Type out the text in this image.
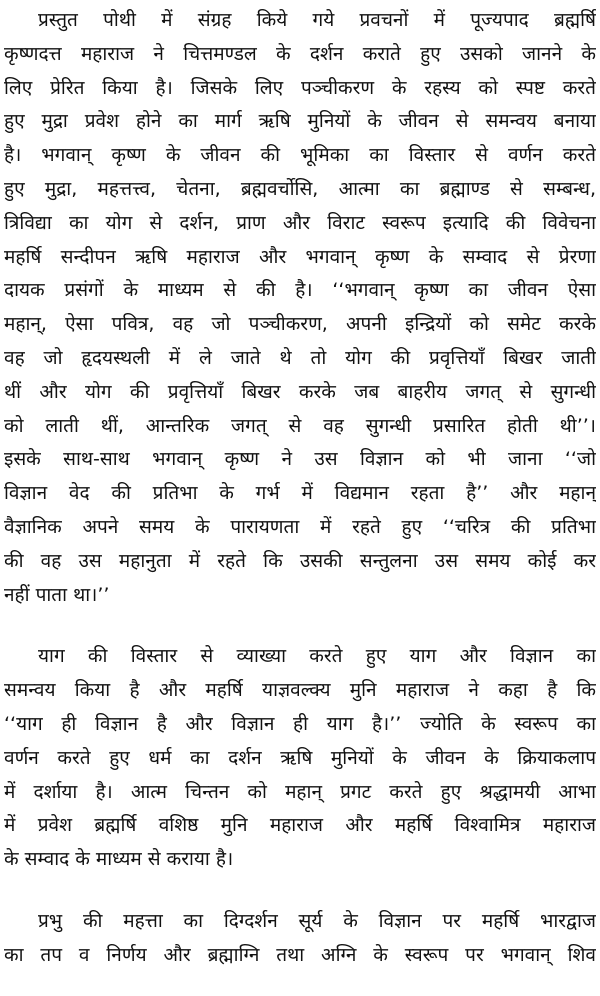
प्रस्तुत पोथी में संग्रह किये गये प्रवचनों में पूज्यपाद ब्रह्मर्षि
कृष्णदत्त महाराज ने चित्तमण्डल के दर्शन कराते हुए उसको जानने के
लिए प्रेरित किया है। जिसके लिए पञ्चीकरण के रहस्य को स्पष्ट करते
हुए मुद्रा प्रवेश होने का मार्ग ऋषि मुनियों के जीवन से समन्वय बनाया
है। भगवान् कृष्ण के जीवन की भूमिका का विस्तार से वर्णन करते
हुए मुद्रा, महत्तत्त्व, चेतना, ब्रह्मवर्चोसि, आत्मा का ब्रह्माण्ड से सम्बन्ध,
त्रिविद्या का योग से दर्शन, प्राण और विराट स्वरूप इत्यादि की विवेचना
महर्षि सन्दीपन ऋषि महाराज और भगवान् कृष्ण के सम्वाद से प्रेरणा
दायक प्रसंगों के माध्यम से की है। ‘‘भगवान् कृष्ण का जीवन ऐसा
महान्, ऐसा पवित्र, वह जो पञ्चीकरण, अपनी इन्द्रियों को समेट करके
वह जो हृदयस्थली में ले जाते थे तो योग की प्रवृत्तियाँ बिखर जाती
थीं और योग की प्रवृत्तियाँ बिखर करके जब बाहरीय जगत् से सुगन्धी
को लाती थीं, आन्तरिक जगत् से वह सुगन्धी प्रसारित होती थी’’।
इसके साथ-साथ भगवान् कृष्ण ने उस विज्ञान को भी जाना ‘‘जो
विज्ञान वेद की प्रतिभा के गर्भ में विद्यमान रहता है’’ और महान्
वैज्ञानिक अपने समय के पारायणता में रहते हुए ‘‘चरित्र की प्रतिभा
की वह उस महानुता में रहते कि उसकी सन्तुलना उस समय कोई कर
नहीं पाता था।’’
याग की विस्तार से व्याख्या करते हुए याग और विज्ञान का
समन्वय किया है और महर्षि याज्ञवल्क्य मुनि महाराज ने कहा है कि
‘‘याग ही विज्ञान है और विज्ञान ही याग है।’’ ज्योति के स्वरूप का
वर्णन करते हुए धर्म का दर्शन ऋषि मुनियों के जीवन के क्रियाकलाप
में दर्शाया है। आत्म चिन्तन को महान् प्रगट करते हुए श्रद्धामयी आभा
में प्रवेश ब्रह्मर्षि वशिष्ठ मुनि महाराज और महर्षि विश्वामित्र महाराज
के सम्वाद के माध्यम से कराया है।
प्रभु की महत्ता का दिग्दर्शन सूर्य के विज्ञान पर महर्षि भारद्वाज
का तप व निर्णय और ब्रह्माग्नि तथा अग्नि के स्वरूप पर भगवान् शिव
